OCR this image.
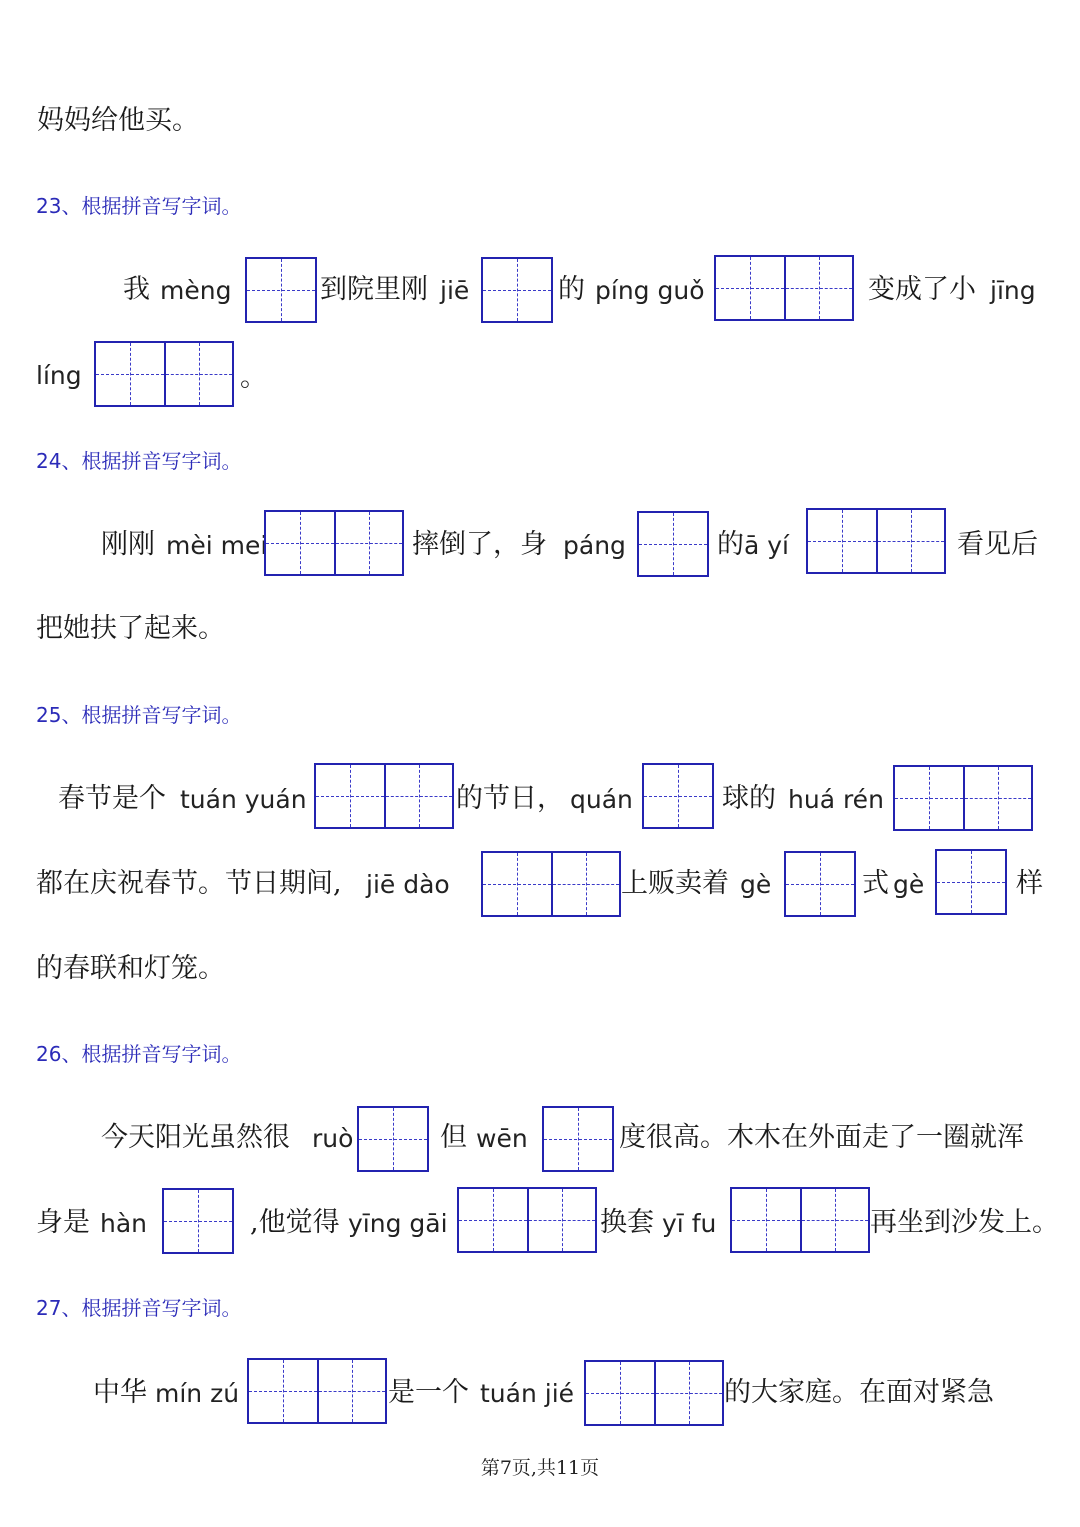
妈妈给他买。
23、根据拼音写字词。
我 mèng	到院里刚 jiē	的 píng guǒ	变成了小 jīng
líng	。
24、根据拼音写字词。
刚刚 mèi mei	摔倒了，身 páng	的 ā yí	看见后
把她扶了起来。
25、根据拼音写字词。
春节是个 tuán yuán	的节日， quán	球的 huá rén
都在庆祝春节。节日期间, jiē dào	上贩卖着 gè	式 gè	样
的春联和灯笼。
26、根据拼音写字词。
今天阳光虽然很 ruò	但 wēn	度很高。木木在外面走了一圈就浑
身是 hàn	,他觉得 yīng gāi	换套 yī fu	再坐到沙发上。
27、根据拼音写字词。
中华 mín zú	是一个 tuán jié	的大家庭。在面对紧急
第7页,共11页
